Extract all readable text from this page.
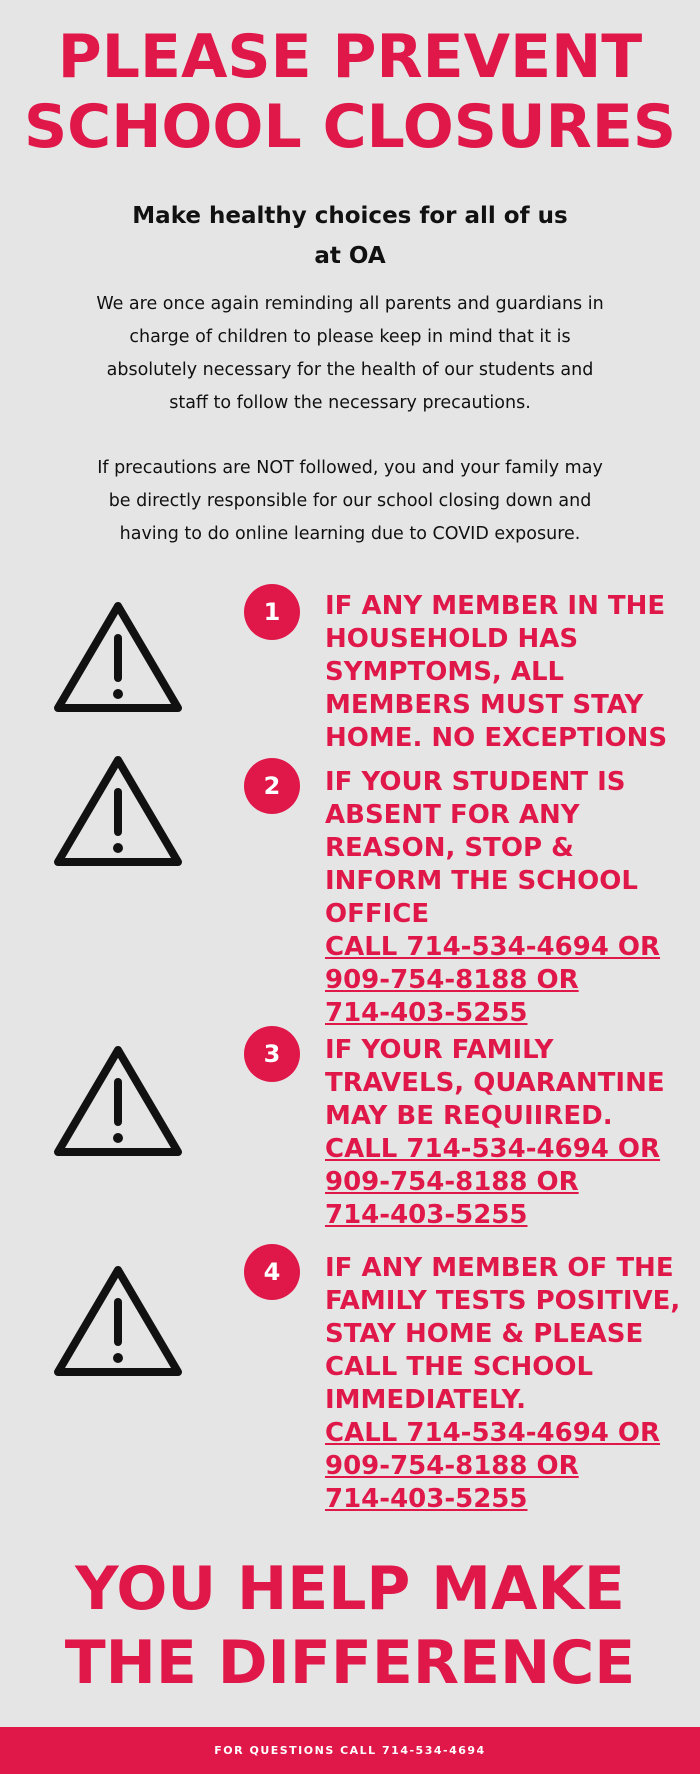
PLEASE PREVENT
SCHOOL CLOSURES
Make healthy choices for all of us
at OA
We are once again reminding all parents and guardians in
charge of children to please keep in mind that it is
absolutely necessary for the health of our students and
staff to follow the necessary precautions.
If precautions are NOT followed, you and your family may
be directly responsible for our school closing down and
having to do online learning due to COVID exposure.
1	IF ANY MEMBER IN THE
HOUSEHOLD HAS
SYMPTOMS, ALL
MEMBERS MUST STAY
HOME. NO EXCEPTIONS
2	IF YOUR STUDENT IS
ABSENT FOR ANY
REASON, STOP &
INFORM THE SCHOOL
OFFICE
CALL 714-534-4694 OR
909-754-8188 OR
714-403-5255
3	IF YOUR FAMILY
TRAVELS, QUARANTINE
MAY BE REQUIIRED.
CALL 714-534-4694 OR
909-754-8188 OR
714-403-5255
4	IF ANY MEMBER OF THE
FAMILY TESTS POSITIVE,
STAY HOME & PLEASE
CALL THE SCHOOL
IMMEDIATELY.
CALL 714-534-4694 OR
909-754-8188 OR
714-403-5255
YOU HELP MAKE
THE DIFFERENCE
FOR QUESTIONS CALL 714-534-4694
